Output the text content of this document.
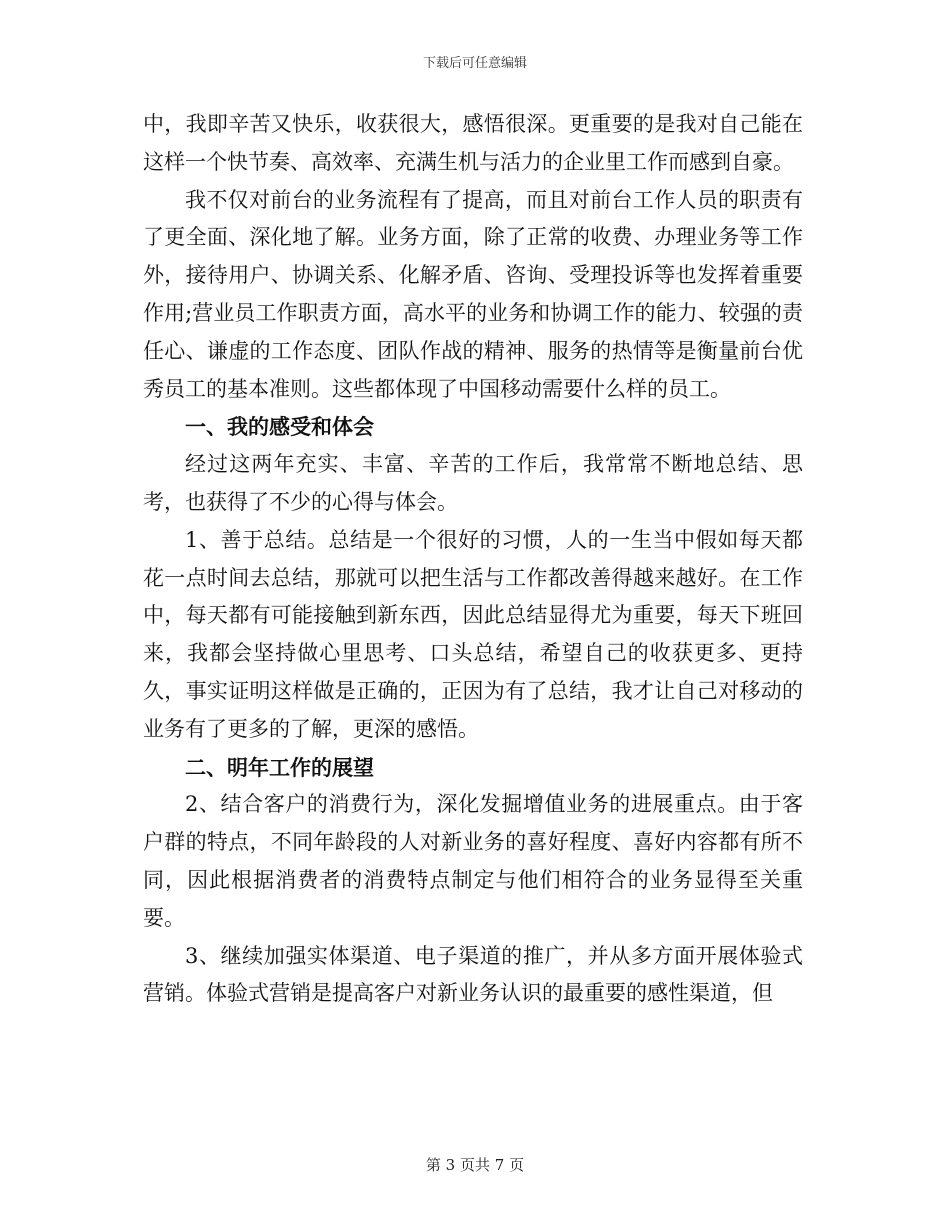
下载后可任意编辑

中，我即辛苦又快乐，收获很大，感悟很深。更重要的是我对自己能在这样一个快节奏、高效率、充满生机与活力的企业里工作而感到自豪。

我不仅对前台的业务流程有了提高，而且对前台工作人员的职责有了更全面、深化地了解。业务方面，除了正常的收费、办理业务等工作外，接待用户、协调关系、化解矛盾、咨询、受理投诉等也发挥着重要作用;营业员工作职责方面，高水平的业务和协调工作的能力、较强的责任心、谦虚的工作态度、团队作战的精神、服务的热情等是衡量前台优秀员工的基本准则。这些都体现了中国移动需要什么样的员工。

一、我的感受和体会

经过这两年充实、丰富、辛苦的工作后，我常常不断地总结、思考，也获得了不少的心得与体会。

1、善于总结。总结是一个很好的习惯，人的一生当中假如每天都花一点时间去总结，那就可以把生活与工作都改善得越来越好。在工作中，每天都有可能接触到新东西，因此总结显得尤为重要，每天下班回来，我都会坚持做心里思考、口头总结，希望自己的收获更多、更持久，事实证明这样做是正确的，正因为有了总结，我才让自己对移动的业务有了更多的了解，更深的感悟。

二、明年工作的展望

2、结合客户的消费行为，深化发掘增值业务的进展重点。由于客户群的特点，不同年龄段的人对新业务的喜好程度、喜好内容都有所不同，因此根据消费者的消费特点制定与他们相符合的业务显得至关重要。

3、继续加强实体渠道、电子渠道的推广，并从多方面开展体验式营销。体验式营销是提高客户对新业务认识的最重要的感性渠道，但

第 3 页共 7 页
